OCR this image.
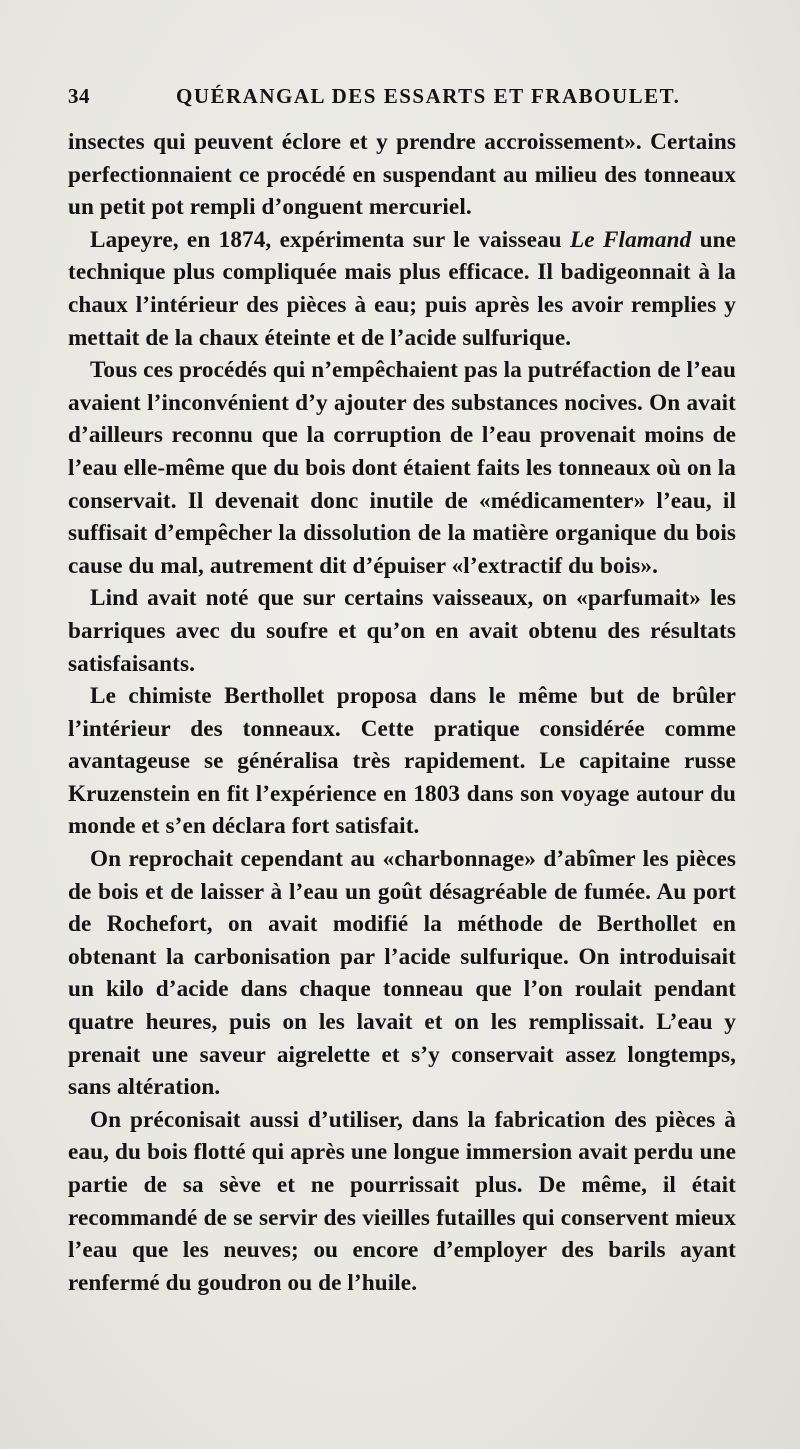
34	QUÉRANGAL DES ESSARTS ET FRABOULET.

insectes qui peuvent éclore et y prendre accroissement». Certains perfectionnaient ce procédé en suspendant au milieu des tonneaux un petit pot rempli d’onguent mercuriel.

Lapeyre, en 1874, expérimenta sur le vaisseau Le Flamand une technique plus compliquée mais plus efficace. Il badigeonnait à la chaux l’intérieur des pièces à eau; puis après les avoir remplies y mettait de la chaux éteinte et de l’acide sulfurique.

Tous ces procédés qui n’empêchaient pas la putréfaction de l’eau avaient l’inconvénient d’y ajouter des substances nocives. On avait d’ailleurs reconnu que la corruption de l’eau provenait moins de l’eau elle-même que du bois dont étaient faits les tonneaux où on la conservait. Il devenait donc inutile de «médicamenter» l’eau, il suffisait d’empêcher la dissolution de la matière organique du bois cause du mal, autrement dit d’épuiser «l’extractif du bois».

Lind avait noté que sur certains vaisseaux, on «parfumait» les barriques avec du soufre et qu’on en avait obtenu des résultats satisfaisants.

Le chimiste Berthollet proposa dans le même but de brûler l’intérieur des tonneaux. Cette pratique considérée comme avantageuse se généralisa très rapidement. Le capitaine russe Kruzenstein en fit l’expérience en 1803 dans son voyage autour du monde et s’en déclara fort satisfait.

On reprochait cependant au «charbonnage» d’abîmer les pièces de bois et de laisser à l’eau un goût désagréable de fumée. Au port de Rochefort, on avait modifié la méthode de Berthollet en obtenant la carbonisation par l’acide sulfurique. On introduisait un kilo d’acide dans chaque tonneau que l’on roulait pendant quatre heures, puis on les lavait et on les remplissait. L’eau y prenait une saveur aigrelette et s’y conservait assez longtemps, sans altération.

On préconisait aussi d’utiliser, dans la fabrication des pièces à eau, du bois flotté qui après une longue immersion avait perdu une partie de sa sève et ne pourrissait plus. De même, il était recommandé de se servir des vieilles futailles qui conservent mieux l’eau que les neuves; ou encore d’employer des barils ayant renfermé du goudron ou de l’huile.
